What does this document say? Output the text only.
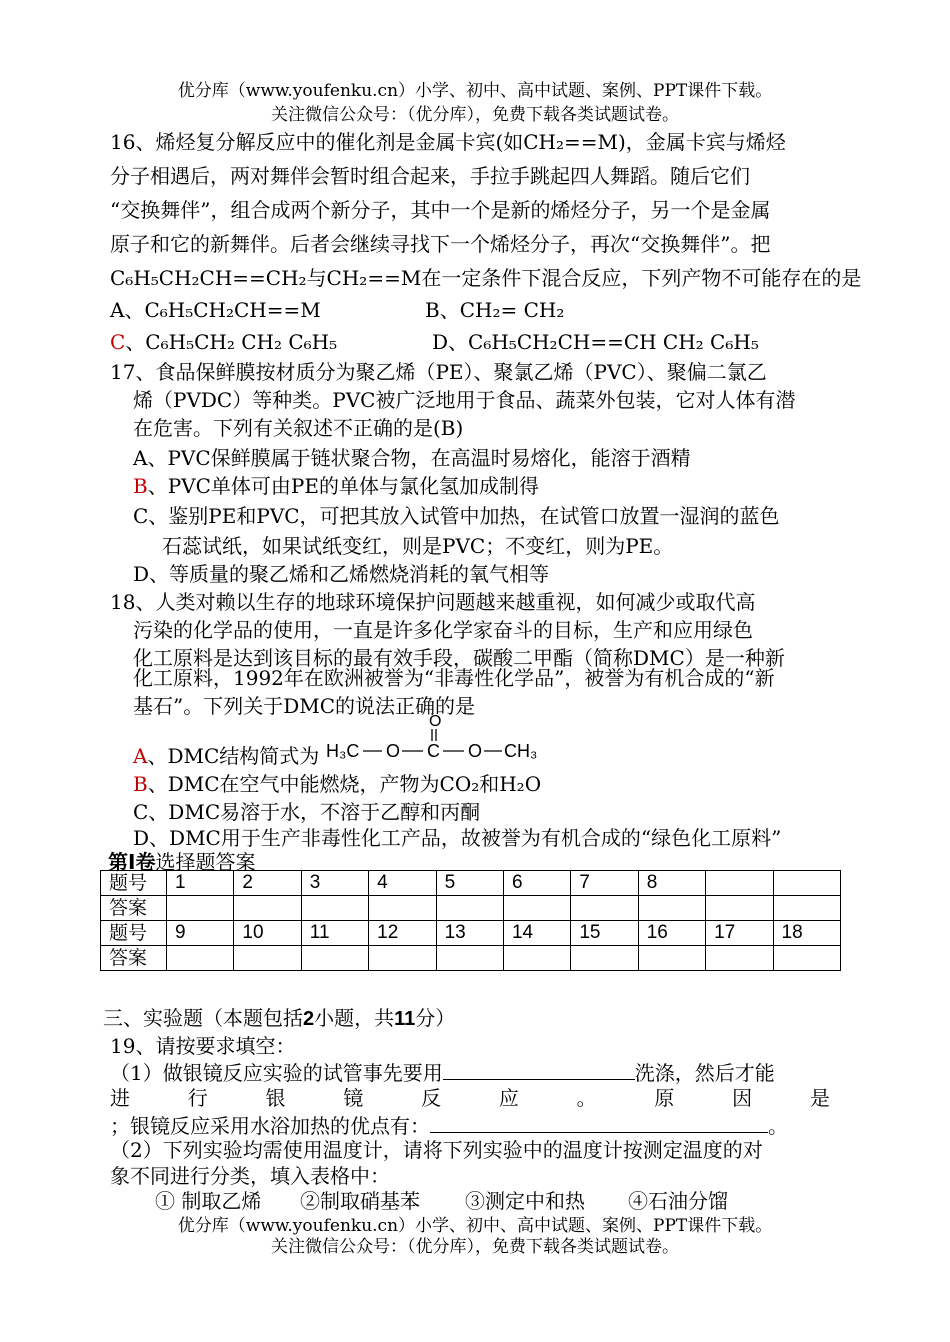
优分库（www.youfenku.cn）小学、初中、高中试题、案例、PPT课件下载。
关注微信公众号：（优分库），免费下载各类试题试卷。
16、烯烃复分解反应中的催化剂是金属卡宾(如CH₂==M)，金属卡宾与烯烃
分子相遇后，两对舞伴会暂时组合起来，手拉手跳起四人舞蹈。随后它们
“交换舞伴”，组合成两个新分子，其中一个是新的烯烃分子，另一个是金属
原子和它的新舞伴。后者会继续寻找下一个烯烃分子，再次“交换舞伴”。把
C₆H₅CH₂CH==CH₂与CH₂==M在一定条件下混合反应，下列产物不可能存在的是
A、C₆H₅CH₂CH==M	B、CH₂= CH₂
C、C₆H₅CH₂ CH₂ C₆H₅	D、C₆H₅CH₂CH==CH CH₂ C₆H₅
17、食品保鲜膜按材质分为聚乙烯（PE）、聚氯乙烯（PVC）、聚偏二氯乙
烯（PVDC）等种类。PVC被广泛地用于食品、蔬菜外包装，它对人体有潜
在危害。下列有关叙述不正确的是(B)
A、PVC保鲜膜属于链状聚合物，在高温时易熔化，能溶于酒精
B、PVC单体可由PE的单体与氯化氢加成制得
C、鉴别PE和PVC，可把其放入试管中加热，在试管口放置一湿润的蓝色
石蕊试纸，如果试纸变红，则是PVC；不变红，则为PE。
D、等质量的聚乙烯和乙烯燃烧消耗的氧气相等
18、人类对赖以生存的地球环境保护问题越来越重视，如何减少或取代高
污染的化学品的使用，一直是许多化学家奋斗的目标，生产和应用绿色
化工原料是达到该目标的最有效手段，碳酸二甲酯（简称DMC）是一种新
化工原料，1992年在欧洲被誉为“非毒性化学品”，被誉为有机合成的“新
基石”。下列关于DMC的说法正确的是
A、DMC结构简式为
O
H₃C O C O CH₃
B、DMC在空气中能燃烧，产物为CO₂和H₂O
C、DMC易溶于水，不溶于乙醇和丙酮
D、DMC用于生产非毒性化工产品，故被誉为有机合成的“绿色化工原料”
第Ⅰ卷选择题答案
题号	1	2	3	4	5	6	7	8		
答案										
题号	9	10	11	12	13	14	15	16	17	18
答案										
三、实验题（本题包括2小题，共11分）
19、请按要求填空：
（1）做银镜反应实验的试管事先要用	洗涤，然后才能
进	行	银	镜	反	应	。	原	因	是
；银镜反应采用水浴加热的优点有：	。
（2）下列实验均需使用温度计，请将下列实验中的温度计按测定温度的对
象不同进行分类，填入表格中：
① 制取乙烯 ②制取硝基苯 ③测定中和热 ④石油分馏
优分库（www.youfenku.cn）小学、初中、高中试题、案例、PPT课件下载。
关注微信公众号：（优分库），免费下载各类试题试卷。
